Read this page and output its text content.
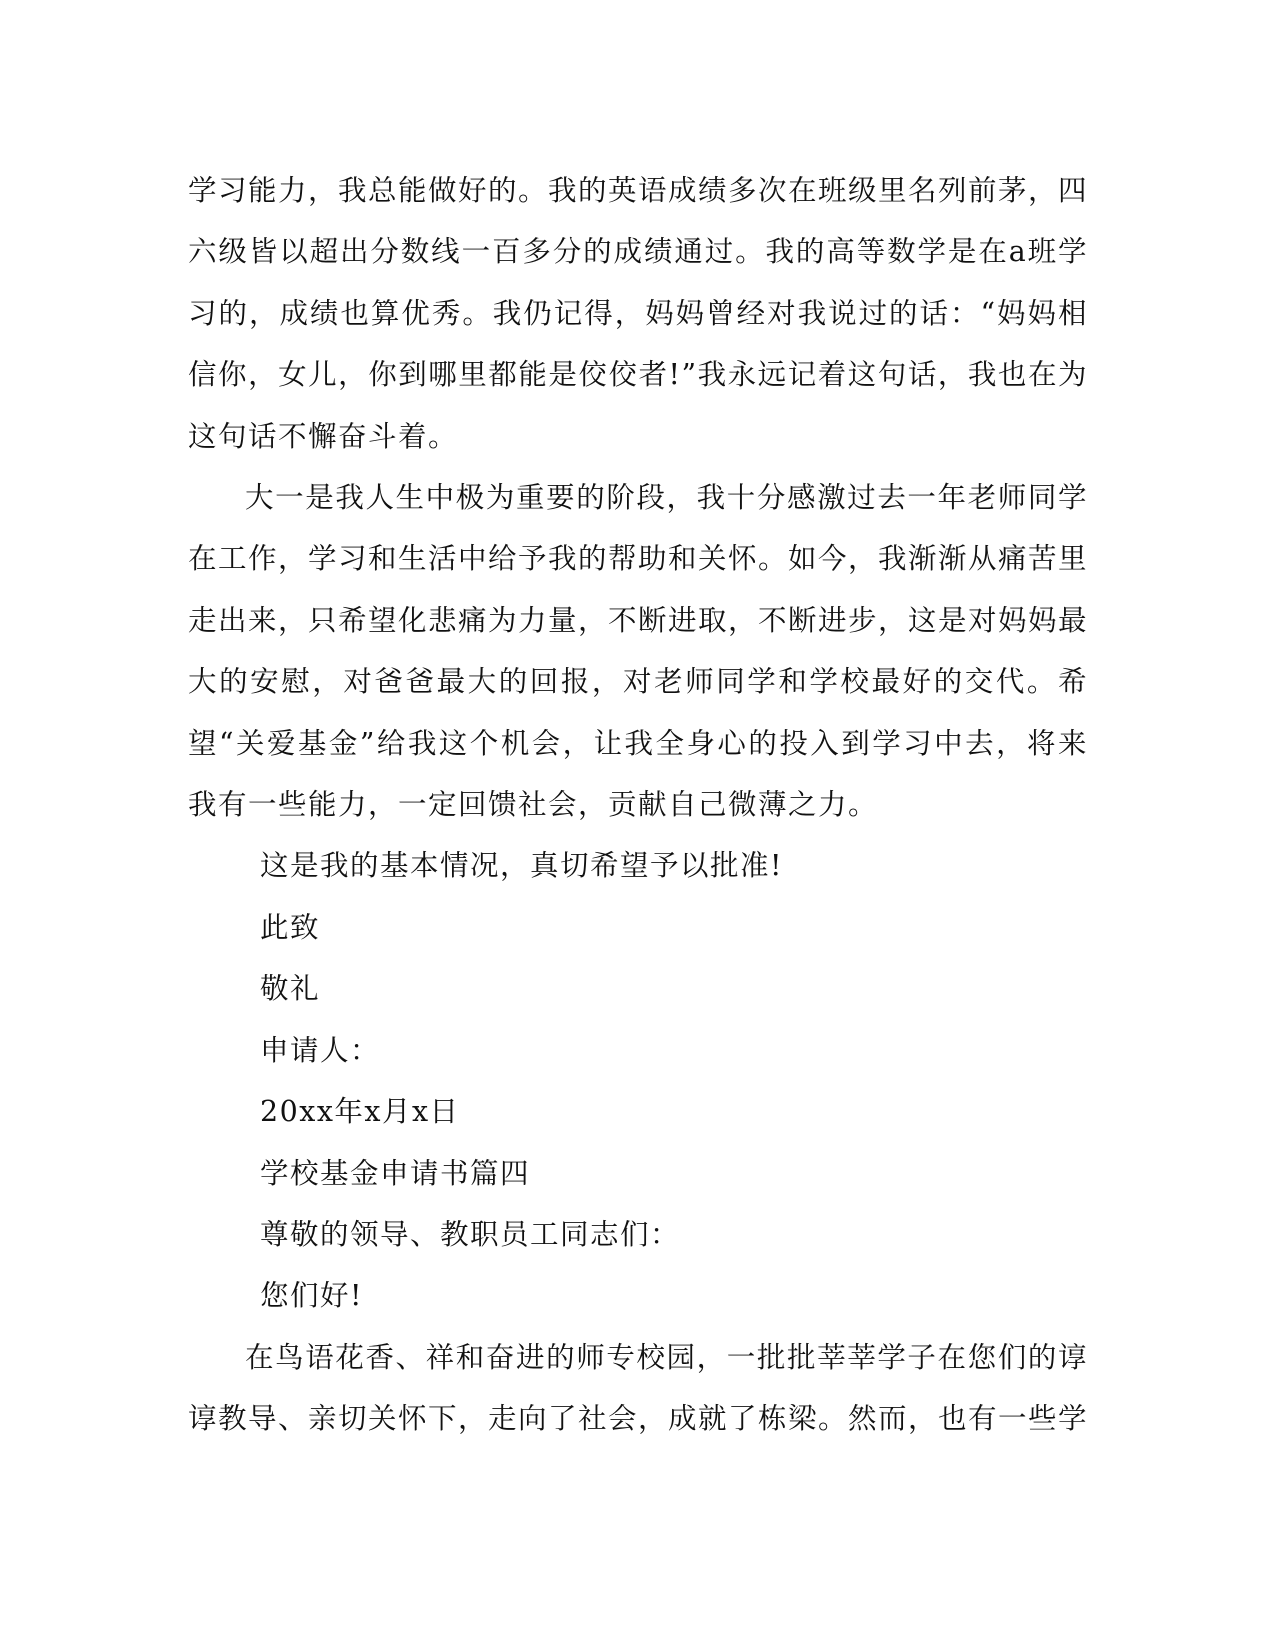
学习能力，我总能做好的。我的英语成绩多次在班级里名列前茅，四六级皆以超出分数线一百多分的成绩通过。我的高等数学是在a班学习的，成绩也算优秀。我仍记得，妈妈曾经对我说过的话：“妈妈相信你，女儿，你到哪里都能是佼佼者!”我永远记着这句话，我也在为这句话不懈奋斗着。

大一是我人生中极为重要的阶段，我十分感激过去一年老师同学在工作，学习和生活中给予我的帮助和关怀。如今，我渐渐从痛苦里走出来，只希望化悲痛为力量，不断进取，不断进步，这是对妈妈最大的安慰，对爸爸最大的回报，对老师同学和学校最好的交代。希望“关爱基金”给我这个机会，让我全身心的投入到学习中去，将来我有一些能力，一定回馈社会，贡献自己微薄之力。

这是我的基本情况，真切希望予以批准!

此致

敬礼

申请人：

20xx年x月x日

学校基金申请书篇四

尊敬的领导、教职员工同志们：

您们好!

在鸟语花香、祥和奋进的师专校园，一批批莘莘学子在您们的谆谆教导、亲切关怀下，走向了社会，成就了栋梁。然而，也有一些学
